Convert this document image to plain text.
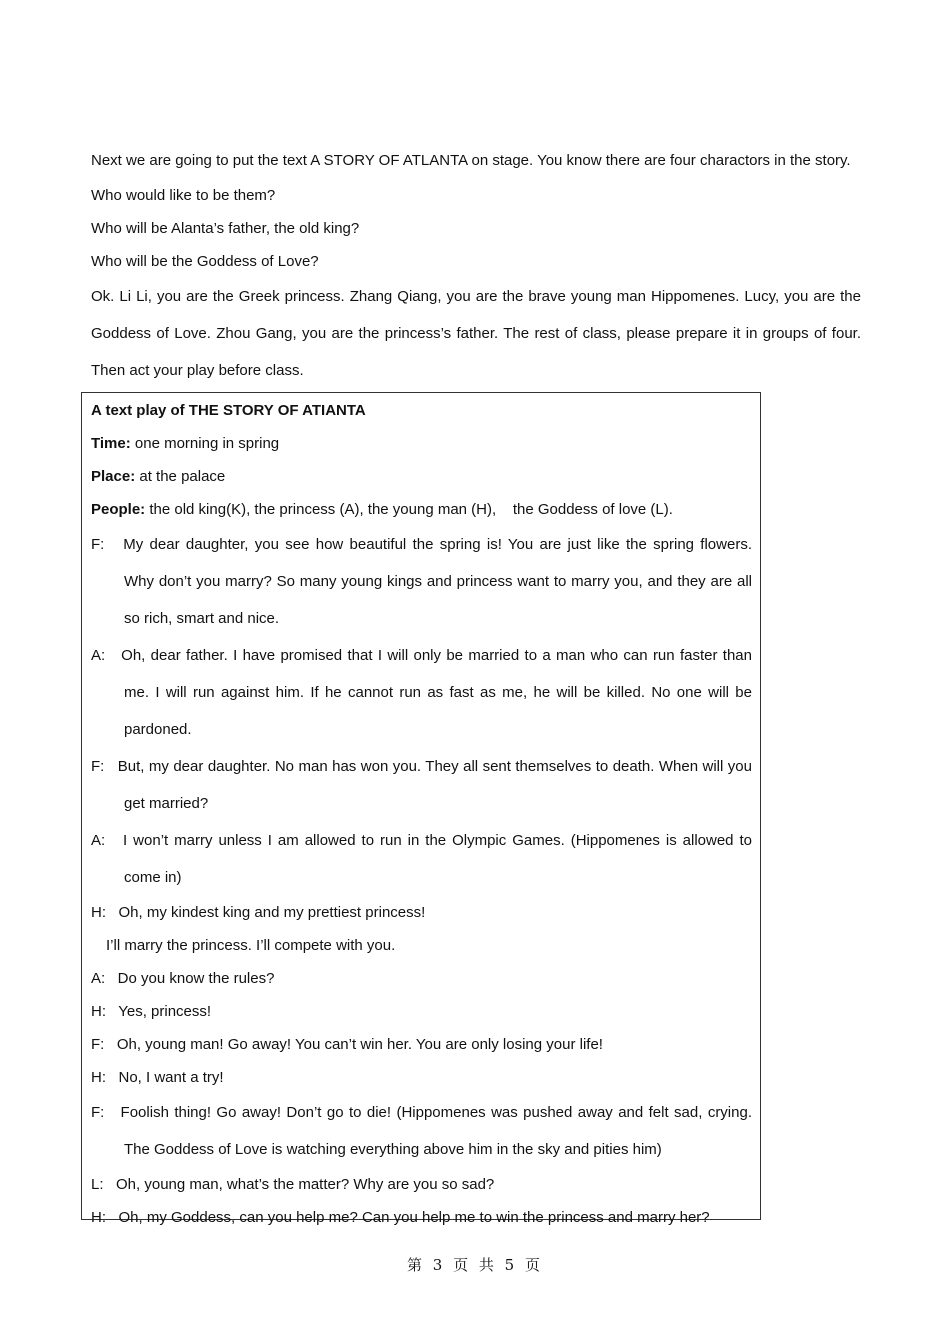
Next we are going to put the text A STORY OF ATLANTA on stage. You know there are four charactors in the story.

Who would like to be them?

Who will be Alanta’s father, the old king?

Who will be the Goddess of Love?

Ok. Li Li, you are the Greek princess. Zhang Qiang, you are the brave young man Hippomenes. Lucy, you are the

Goddess of Love. Zhou Gang, you are the princess’s father. The rest of class, please prepare it in groups of four.

Then act your play before class.

A text play of THE STORY OF ATIANTA
Time: one morning in spring
Place: at the palace
People: the old king(K), the princess (A), the young man (H),    the Goddess of love (L).
F:   My dear daughter, you see how beautiful the spring is! You are just like the spring flowers.
Why don’t you marry? So many young kings and princess want to marry you, and they are all
so rich, smart and nice.
A:   Oh, dear father. I have promised that I will only be married to a man who can run faster than
me. I will run against him. If he cannot run as fast as me, he will be killed. No one will be
pardoned.
F:   But, my dear daughter. No man has won you. They all sent themselves to death. When will you
get married?
A:   I won’t marry unless I am allowed to run in the Olympic Games. (Hippomenes is allowed to
come in)
H:   Oh, my kindest king and my prettiest princess!
I’ll marry the princess. I’ll compete with you.
A:   Do you know the rules?
H:   Yes, princess!
F:   Oh, young man! Go away! You can’t win her. You are only losing your life!
H:   No, I want a try!
F:   Foolish thing! Go away! Don’t go to die! (Hippomenes was pushed away and felt sad, crying.
The Goddess of Love is watching everything above him in the sky and pities him)
L:   Oh, young man, what’s the matter? Why are you so sad?
H:   Oh, my Goddess, can you help me? Can you help me to win the princess and marry her?
第 3 页 共 5 页
